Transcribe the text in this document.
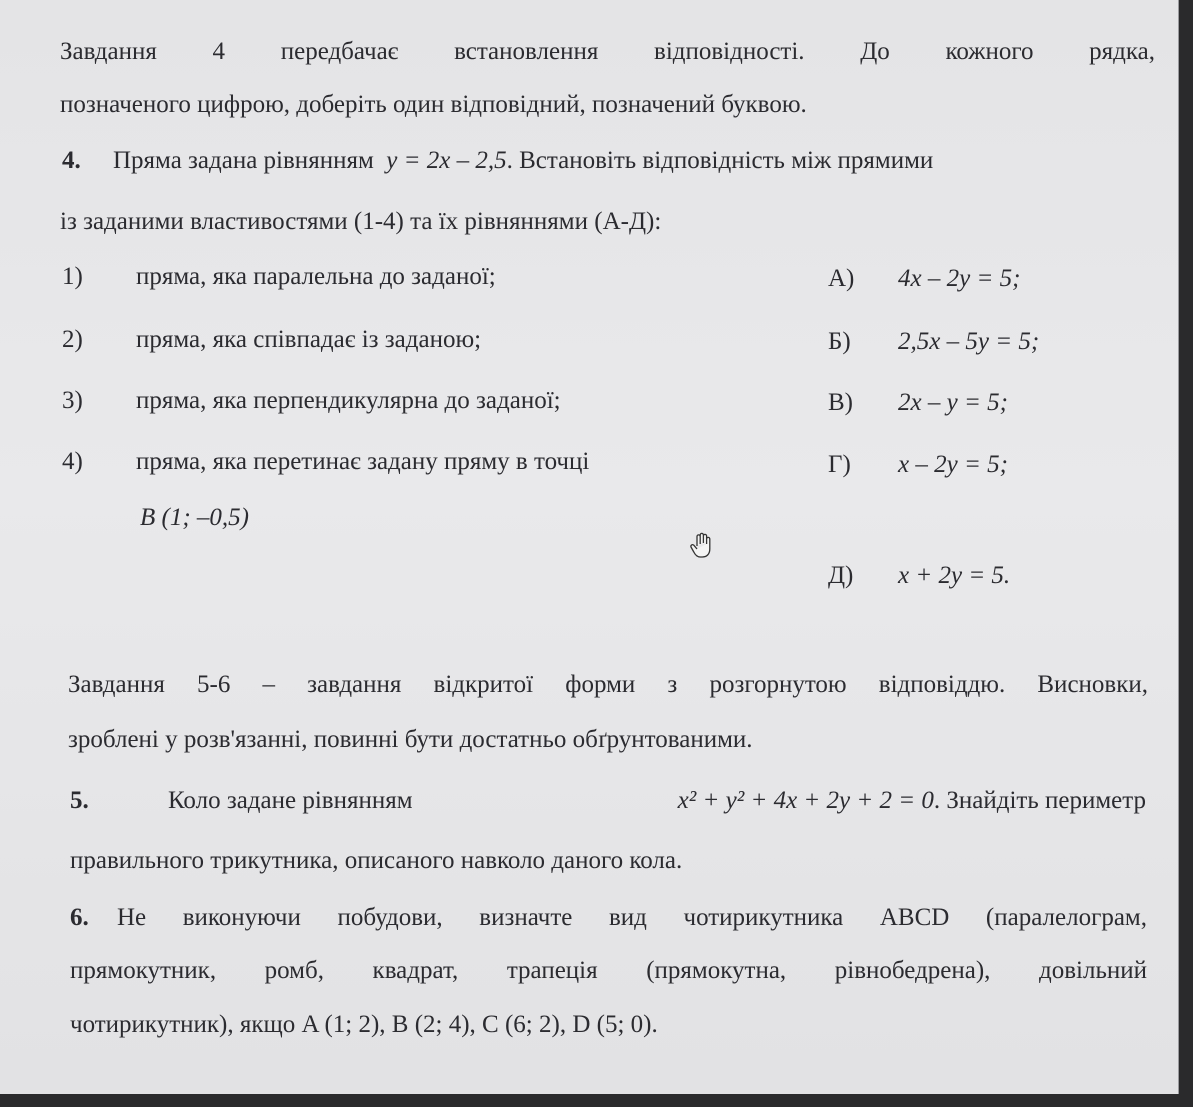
Завдання 4 передбачає встановлення відповідності. До кожного рядка,
позначеного цифрою, доберіть один відповідний, позначений буквою.
4. Пряма задана рівнянням y = 2x – 2,5. Встановіть відповідність між прямими
із заданими властивостями (1-4) та їх рівняннями (А-Д):
1) пряма, яка паралельна до заданої;
2) пряма, яка співпадає із заданою;
3) пряма, яка перпендикулярна до заданої;
4) пряма, яка перетинає задану пряму в точці
B (1; –0,5)
А) 4x – 2y = 5;
Б) 2,5x – 5y = 5;
В) 2x – y = 5;
Г) x – 2y = 5;
Д) x + 2y = 5.
Завдання 5-6 – завдання відкритої форми з розгорнутою відповіддю. Висновки,
зроблені у розв'язанні, повинні бути достатньо обґрунтованими.
5.	Коло задане рівнянням	x² + y² + 4x + 2y + 2 = 0. Знайдіть периметр
правильного трикутника, описаного навколо даного кола.
6. Не виконуючи побудови, визначте вид чотирикутника ABCD (паралелограм,
прямокутник, ромб, квадрат, трапеція (прямокутна, рівнобедрена), довільний
чотирикутник), якщо A (1; 2), B (2; 4), C (6; 2), D (5; 0).
